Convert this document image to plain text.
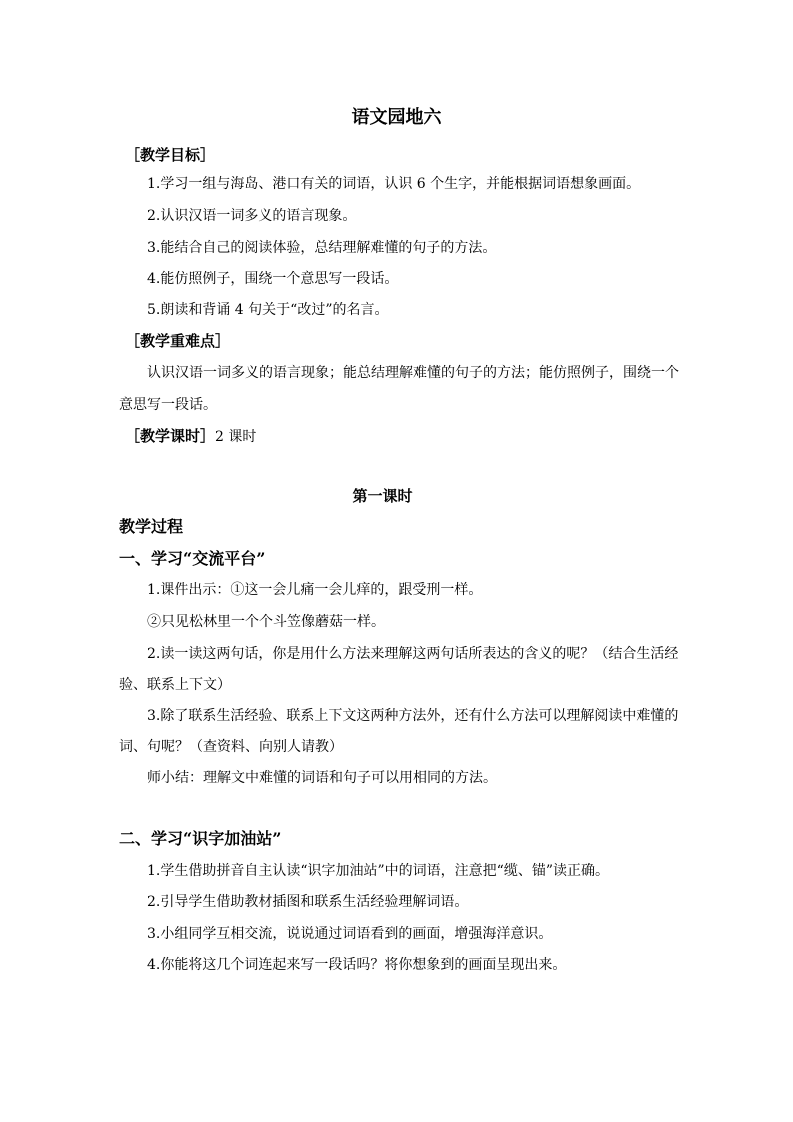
语文园地六
［教学目标］
1.学习一组与海岛、港口有关的词语，认识 6 个生字，并能根据词语想象画面。
2.认识汉语一词多义的语言现象。
3.能结合自己的阅读体验，总结理解难懂的句子的方法。
4.能仿照例子，围绕一个意思写一段话。
5.朗读和背诵 4 句关于“改过”的名言。
［教学重难点］
认识汉语一词多义的语言现象；能总结理解难懂的句子的方法；能仿照例子，围绕一个
意思写一段话。
［教学课时］2 课时
第一课时
教学过程
一、学习“交流平台”
1.课件出示：①这一会儿痛一会儿痒的，跟受刑一样。
②只见松林里一个个斗笠像蘑菇一样。
2.读一读这两句话，你是用什么方法来理解这两句话所表达的含义的呢？（结合生活经
验、联系上下文）
3.除了联系生活经验、联系上下文这两种方法外，还有什么方法可以理解阅读中难懂的
词、句呢？（查资料、向别人请教）
师小结：理解文中难懂的词语和句子可以用相同的方法。
二、学习“识字加油站”
1.学生借助拼音自主认读“识字加油站”中的词语，注意把“缆、锚”读正确。
2.引导学生借助教材插图和联系生活经验理解词语。
3.小组同学互相交流，说说通过词语看到的画面，增强海洋意识。
4.你能将这几个词连起来写一段话吗？将你想象到的画面呈现出来。
